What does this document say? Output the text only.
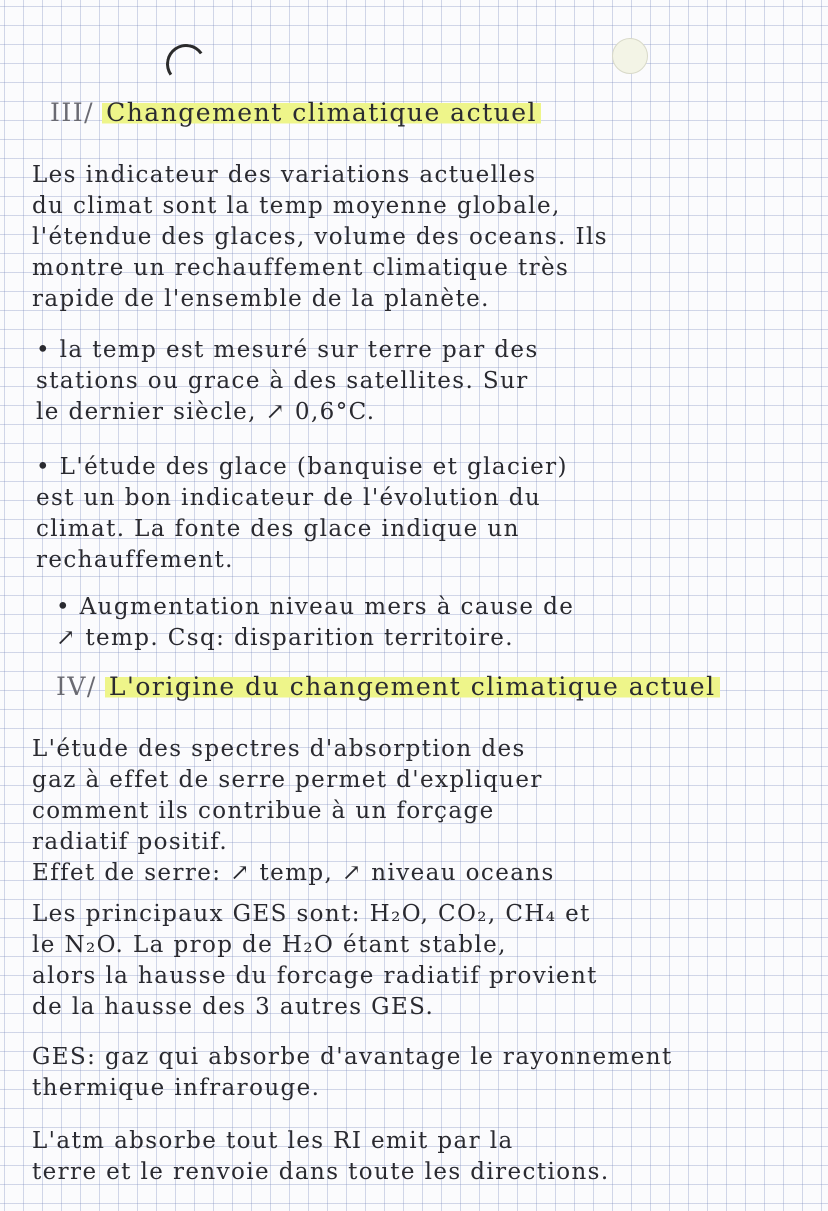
III/ Changement climatique actuel

Les indicateur des variations actuelles
du climat sont la temp moyenne globale,
l'étendue des glaces, volume des oceans. Ils
montre un rechauffement climatique très
rapide de l'ensemble de la planète.

• la temp est mesuré sur terre par des
stations ou grace à des satellites. Sur
le dernier siècle, ↗ 0,6°C.

• L'étude des glace (banquise et glacier)
est un bon indicateur de l'évolution du
climat. La fonte des glace indique un
rechauffement.

• Augmentation niveau mers à cause de
↗ temp. Csq: disparition territoire.

IV/ L'origine du changement climatique actuel

L'étude des spectres d'absorption des
gaz à effet de serre permet d'expliquer
comment ils contribue à un forçage
radiatif positif.
Effet de serre: ↗ temp, ↗ niveau oceans

Les principaux GES sont: H₂O, CO₂, CH₄ et
le N₂O. La prop de H₂O étant stable,
alors la hausse du forcage radiatif provient
de la hausse des 3 autres GES.

GES: gaz qui absorbe d'avantage le rayonnement
thermique infrarouge.

L'atm absorbe tout les RI emit par la
terre et le renvoie dans toute les directions.
